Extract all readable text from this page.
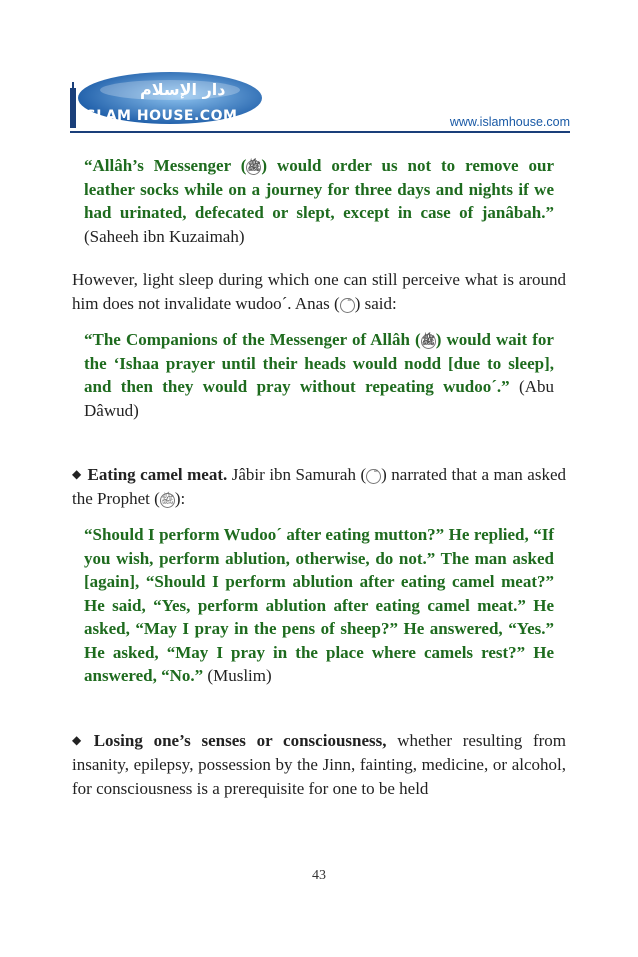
دار الإسلام
ISLAM HOUSE.COM	www.islamhouse.com

“Allâh’s Messenger (ﷺ) would order us not to remove our leather socks while on a journey for three days and nights if we had urinated, defecated or slept, except in case of janâbah.” (Saheeh ibn Kuzaimah)

However, light sleep during which one can still perceive what is around him does not invalidate wudoo´. Anas ( ) said:

“The Companions of the Messenger of Allâh (ﷺ) would wait for the ‘Ishaa prayer until their heads would nodd [due to sleep], and then they would pray without repeating wudoo´.” (Abu Dâwud)

◆ Eating camel meat. Jâbir ibn Samurah ( ) narrated that a man asked the Prophet (ﷺ):

“Should I perform Wudoo´ after eating mutton?” He replied, “If you wish, perform ablution, otherwise, do not.” The man asked [again], “Should I perform ablution after eating camel meat?” He said, “Yes, perform ablution after eating camel meat.” He asked, “May I pray in the pens of sheep?” He answered, “Yes.” He asked, “May I pray in the place where camels rest?” He answered, “No.” (Muslim)

◆ Losing one’s senses or consciousness, whether resulting from insanity, epilepsy, possession by the Jinn, fainting, medicine, or alcohol, for consciousness is a prerequisite for one to be held

43
